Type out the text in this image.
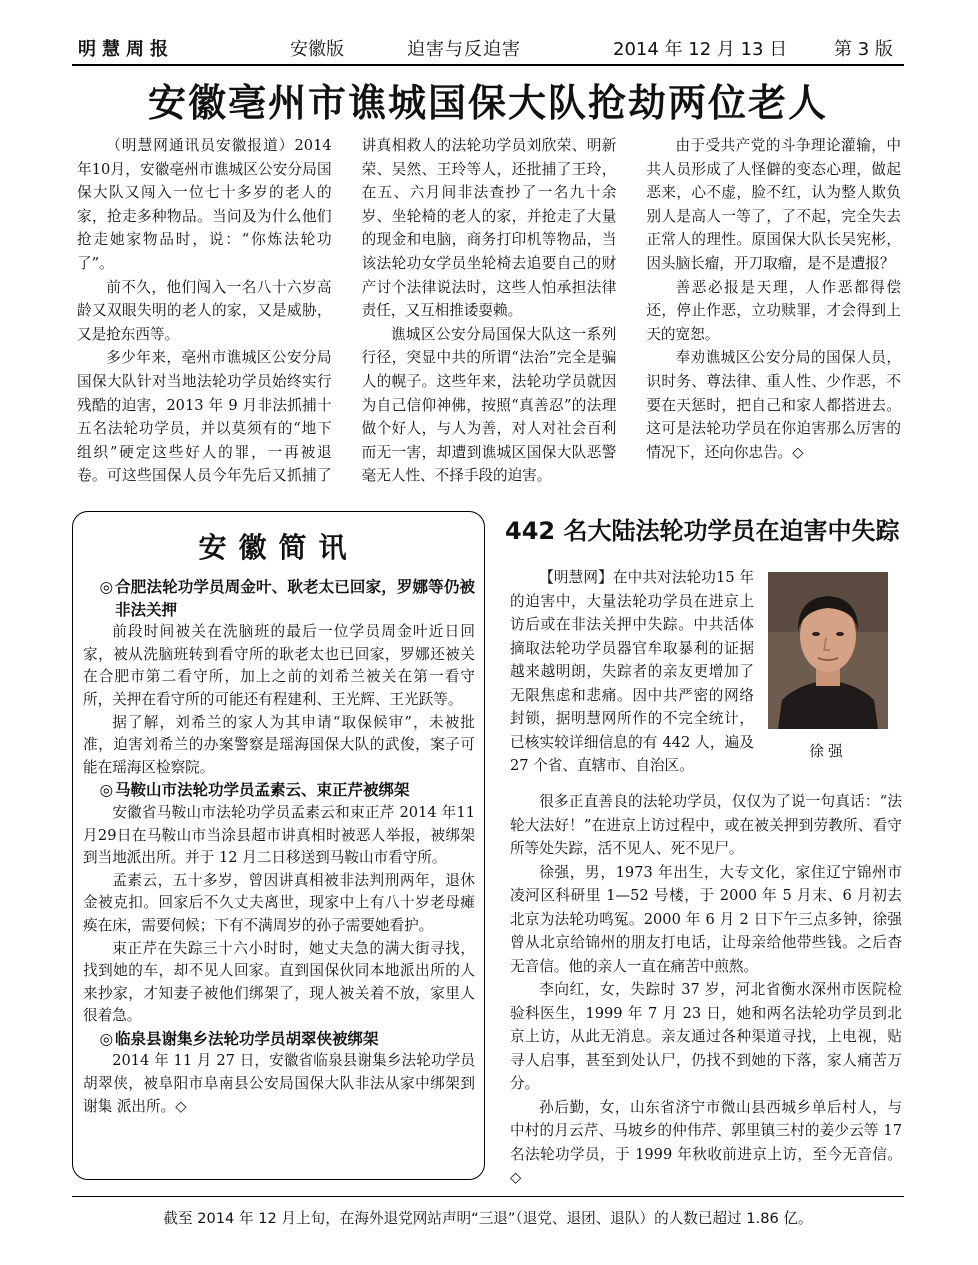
明慧周报	安徽版	迫害与反迫害	2014 年 12 月 13 日	第 3 版
安徽亳州市谯城国保大队抢劫两位老人

（明慧网通讯员安徽报道）2014年10月，安徽亳州市谯城区公安分局国保大队又闯入一位七十多岁的老人的家，抢走多种物品。当问及为什么他们抢走她家物品时，说：“你炼法轮功了”。

前不久，他们闯入一名八十六岁高龄又双眼失明的老人的家，又是威胁，又是抢东西等。

多少年来，亳州市谯城区公安分局国保大队针对当地法轮功学员始终实行残酷的迫害，2013 年 9 月非法抓捕十五名法轮功学员，并以莫须有的“地下组织”硬定这些好人的罪，一再被退卷。可这些国保人员今年先后又抓捕了讲真相救人的法轮功学员刘欣荣、明新荣、吴然、王玲等人，还批捕了王玲，在五、六月间非法查抄了一名九十余岁、坐轮椅的老人的家，并抢走了大量的现金和电脑，商务打印机等物品，当该法轮功女学员坐轮椅去追要自己的财产讨个法律说法时，这些人怕承担法律责任，又互相推诿耍赖。

谯城区公安分局国保大队这一系列行径，突显中共的所谓“法治”完全是骗人的幌子。这些年来，法轮功学员就因为自己信仰神佛，按照“真善忍”的法理做个好人，与人为善，对人对社会百利而无一害，却遭到谯城区国保大队恶警毫无人性、不择手段的迫害。

由于受共产党的斗争理论灌输，中共人员形成了人怪僻的变态心理，做起恶来，心不虚，脸不红，认为整人欺负别人是高人一等了，了不起，完全失去正常人的理性。原国保大队长吴宪彬，因头脑长瘤，开刀取瘤，是不是遭报？

善恶必报是天理，人作恶都得偿还，停止作恶，立功赎罪，才会得到上天的宽恕。

奉劝谯城区公安分局的国保人员，识时务、尊法律、重人性、少作恶，不要在天惩时，把自己和家人都搭进去。这可是法轮功学员在你迫害那么厉害的情况下，还向你忠告。◇

安徽简讯

◎ 合肥法轮功学员周金叶、耿老太已回家，罗娜等仍被非法关押

前段时间被关在洗脑班的最后一位学员周金叶近日回家，被从洗脑班转到看守所的耿老太也已回家，罗娜还被关在合肥市第二看守所，加上之前的刘希兰被关在第一看守所，关押在看守所的可能还有程建利、王光辉、王光跃等。

据了解，刘希兰的家人为其申请“取保候审”，未被批准，迫害刘希兰的办案警察是瑶海国保大队的武俊，案子可能在瑶海区检察院。

◎ 马鞍山市法轮功学员孟素云、束正芹被绑架

安徽省马鞍山市法轮功学员孟素云和束正芹 2014 年11月29日在马鞍山市当涂县超市讲真相时被恶人举报，被绑架到当地派出所。并于 12 月二日移送到马鞍山市看守所。

孟素云，五十多岁，曾因讲真相被非法判刑两年，退休金被克扣。回家后不久丈夫离世，现家中上有八十岁老母瘫痪在床，需要伺候；下有不满周岁的孙子需要她看护。

束正芹在失踪三十六小时时，她丈夫急的满大街寻找，找到她的车，却不见人回家。直到国保伙同本地派出所的人来抄家，才知妻子被他们绑架了，现人被关着不放，家里人很着急。

◎ 临泉县谢集乡法轮功学员胡翠侠被绑架

2014 年 11 月 27 日，安徽省临泉县谢集乡法轮功学员胡翠侠，被阜阳市阜南县公安局国保大队非法从家中绑架到谢集 派出所。◇

442 名大陆法轮功学员在迫害中失踪
徐强

【明慧网】在中共对法轮功15 年的迫害中，大量法轮功学员在进京上访后或在非法关押中失踪。中共活体摘取法轮功学员器官牟取暴利的证据越来越明朗，失踪者的亲友更增加了无限焦虑和悲痛。因中共严密的网络封锁，据明慧网所作的不完全统计，已核实较详细信息的有 442 人，遍及 27 个省、直辖市、自治区。

很多正直善良的法轮功学员，仅仅为了说一句真话：“法轮大法好！”在进京上访过程中，或在被关押到劳教所、看守所等处失踪，活不见人、死不见尸。

徐强，男，1973 年出生，大专文化，家住辽宁锦州市凌河区科研里 1—52 号楼，于 2000 年 5 月末、6 月初去北京为法轮功鸣冤。2000 年 6 月 2 日下午三点多钟，徐强曾从北京给锦州的朋友打电话，让母亲给他带些钱。之后杳无音信。他的亲人一直在痛苦中煎熬。

李向红，女，失踪时 37 岁，河北省衡水深州市医院检验科医生，1999 年 7 月 23 日，她和两名法轮功学员到北京上访，从此无消息。亲友通过各种渠道寻找，上电视，贴寻人启事，甚至到处认尸，仍找不到她的下落，家人痛苦万分。

孙后勤，女，山东省济宁市微山县西城乡单后村人，与中村的月云芹、马坡乡的仲伟芹、郭里镇三村的姜少云等 17 名法轮功学员，于 1999 年秋收前进京上访，至今无音信。◇

截至 2014 年 12 月上旬，在海外退党网站声明“三退”（退党、退团、退队）的人数已超过 1.86 亿。
